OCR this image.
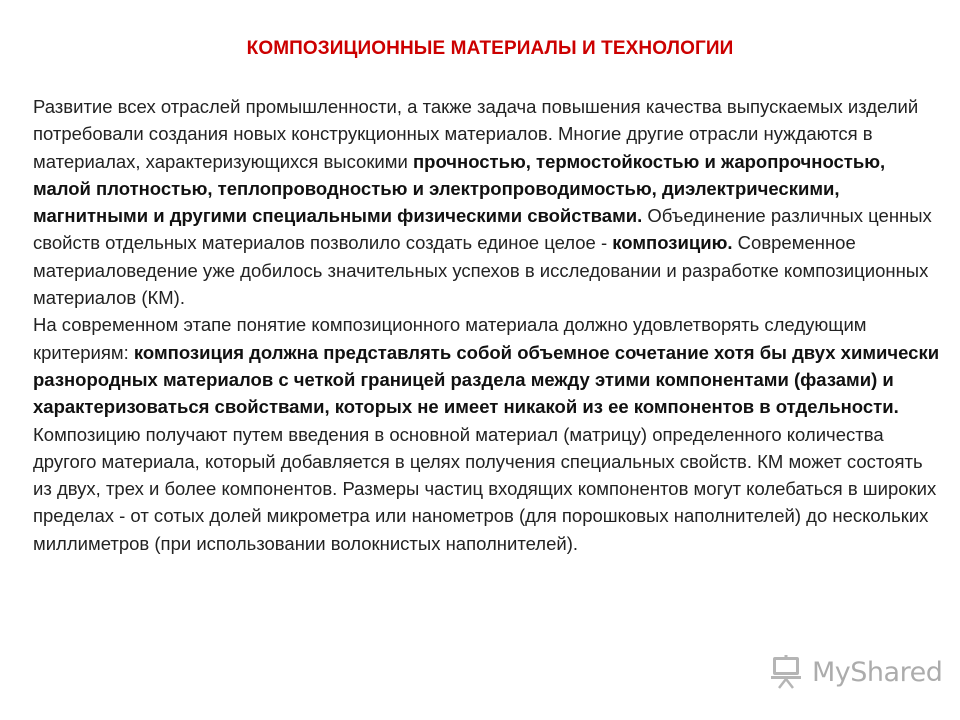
КОМПОЗИЦИОННЫЕ МАТЕРИАЛЫ И ТЕХНОЛОГИИ

Развитие всех отраслей промышленности, а также задача повышения качества выпускаемых изделий потребовали создания новых конструкционных материалов. Многие другие отрасли нуждаются в материалах, характеризующихся высокими прочностью, термостойкостью и жаропрочностью, малой плотностью, теплопроводностью и электропроводимостью, диэлектрическими, магнитными и другими специальными физическими свойствами. Объединение различных ценных свойств отдельных материалов позволило создать единое целое - композицию. Современное материаловедение уже добилось значительных успехов в исследовании и разработке композиционных материалов (КМ).

На современном этапе понятие композиционного материала должно удовлетворять следующим критериям: композиция должна представлять собой объемное сочетание хотя бы двух химически разнородных материалов с четкой границей раздела между этими компонентами (фазами) и характеризоваться свойствами, которых не имеет никакой из ее компонентов в отдельности. Композицию получают путем введения в основной материал (матрицу) определенного количества другого материала, который добавляется в целях получения специальных свойств. КМ может состоять из двух, трех и более компонентов. Размеры частиц входящих компонентов могут колебаться в широких пределах - от сотых долей микрометра или нанометров (для порошковых наполнителей) до нескольких миллиметров (при использовании волокнистых наполнителей).

MyShared
